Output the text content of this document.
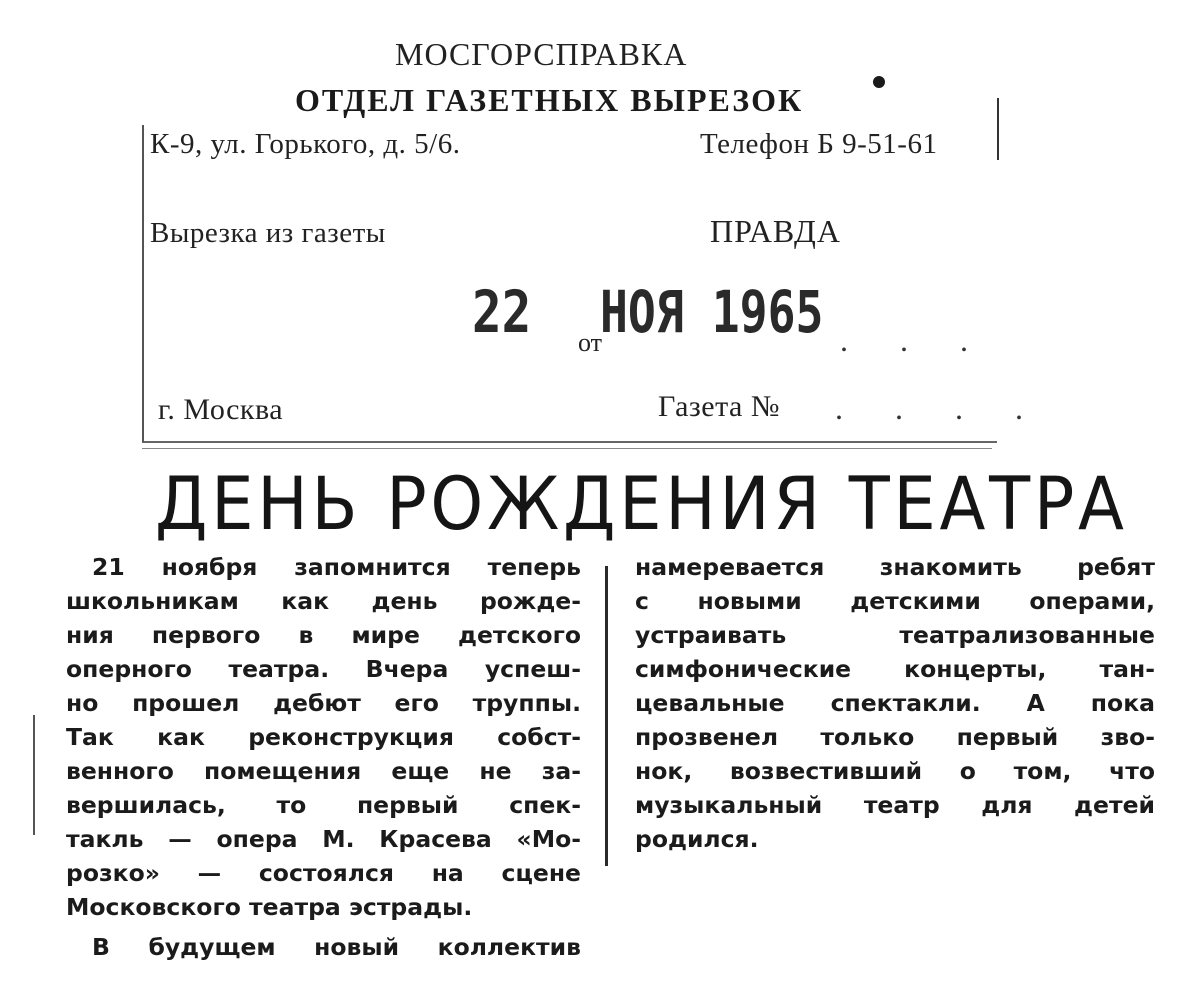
МОСГОРСПРАВКА
ОТДЕЛ ГАЗЕТНЫХ ВЫРЕЗОК
К-9, ул. Горького, д. 5/6.	Телефон Б 9-51-61
Вырезка из газеты	ПРАВДА
22 от
НОЯ 1965 . . .
г. Москва	Газета № . . . .
ДЕНЬ РОЖДЕНИЯ ТЕАТРА
21 ноября запомнится теперь
школьникам как день рожде-
ния первого в мире детского
оперного театра. Вчера успеш-
но прошел дебют его труппы.
Так как реконструкция собст-
венного помещения еще не за-
вершилась, то первый спек-
такль — опера М. Красева «Мо-
розко» — состоялся на сцене
Московского театра эстрады.
В будущем новый коллектив
намеревается знакомить ребят
с новыми детскими операми,
устраивать театрализованные
симфонические концерты, тан-
цевальные спектакли. А пока
прозвенел только первый зво-
нок, возвестивший о том, что
музыкальный театр для детей
родился.
